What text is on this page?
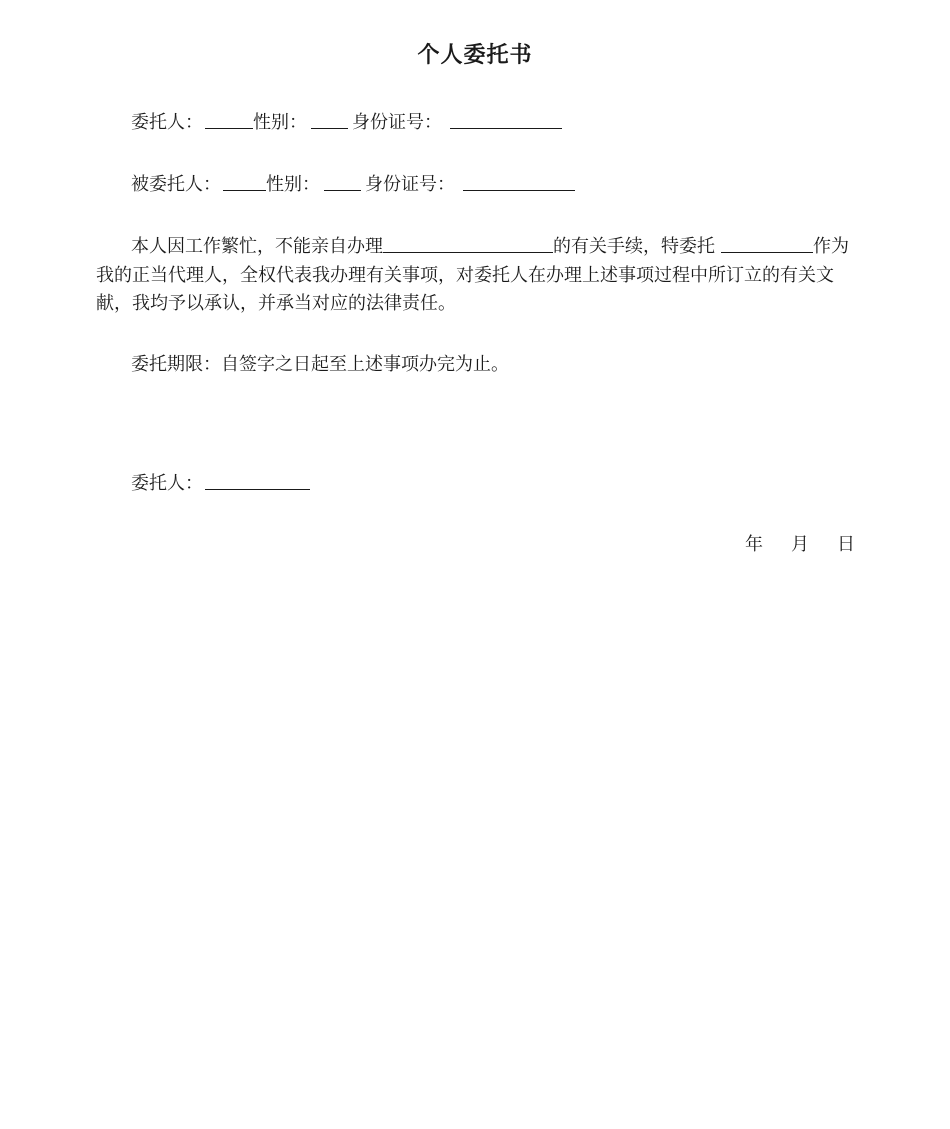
个人委托书
委托人：	性别：	身份证号：
被委托人：	性别：	身份证号：
本人因工作繁忙，不能亲自办理	的有关手续，特委托	作为我的正当代理人，全权代表我办理有关事项，对委托人在办理上述事项过程中所订立的有关文献，我均予以承认，并承当对应的法律责任。
委托期限：自签字之日起至上述事项办完为止。
委托人：
年 月 日
